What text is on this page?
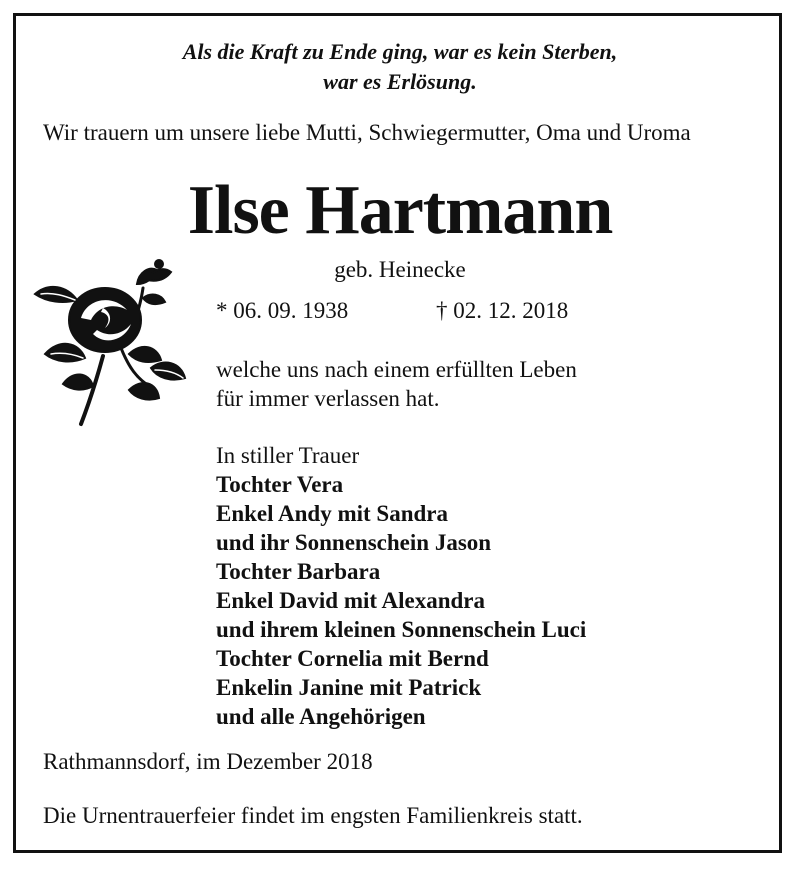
Als die Kraft zu Ende ging, war es kein Sterben,
war es Erlösung.
Wir trauern um unsere liebe Mutti, Schwiegermutter, Oma und Uroma
Ilse Hartmann
geb. Heinecke
* 06. 09. 1938	† 02. 12. 2018
welche uns nach einem erfüllten Leben
für immer verlassen hat.
In stiller Trauer
Tochter Vera
Enkel Andy mit Sandra
und ihr Sonnenschein Jason
Tochter Barbara
Enkel David mit Alexandra
und ihrem kleinen Sonnenschein Luci
Tochter Cornelia mit Bernd
Enkelin Janine mit Patrick
und alle Angehörigen
Rathmannsdorf, im Dezember 2018
Die Urnentrauerfeier findet im engsten Familienkreis statt.
